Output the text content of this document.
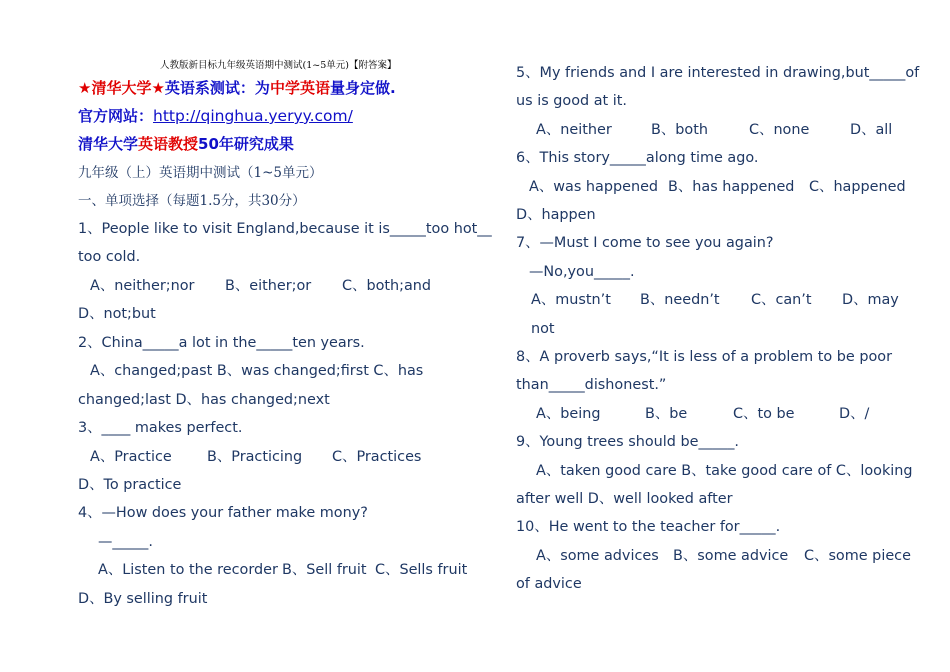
人教版新目标九年级英语期中测试(1~5单元)【附答案】
★清华大学★英语系测试：为中学英语量身定做.
官方网站：http://qinghua.yeryy.com/
清华大学英语教授50年研究成果
九年级（上）英语期中测试（1~5单元）
一、单项选择（每题1.5分，共30分）
1、People like to visit England,because it is_____too hot__
too cold.
A、neither;nor B、either;or C、both;and
D、not;but
2、China_____a lot in the_____ten years.
A、changed;past B、was changed;first C、has
changed;last D、has changed;next
3、____ makes perfect.
A、Practice B、Practicing C、Practices
D、To practice
4、—How does your father make mony?
—_____.
A、Listen to the recorder B、Sell fruit C、Sells fruit
D、By selling fruit
5、My friends and I are interested in drawing,but_____of
us is good at it.
A、neither	B、both	C、none	D、all
6、This story_____along time ago.
A、was happened B、has happened C、happened
D、happen
7、—Must I come to see you again?
—No,you_____.
A、mustn’t B、needn’t C、can’t D、may
not
8、A proverb says,“It is less of a problem to be poor
than_____dishonest.”
A、being	B、be	C、to be	D、/
9、Young trees should be_____.
A、taken good care B、take good care of C、looking
after well D、well looked after
10、He went to the teacher for_____.
A、some advices B、some advice C、some piece
of advice
